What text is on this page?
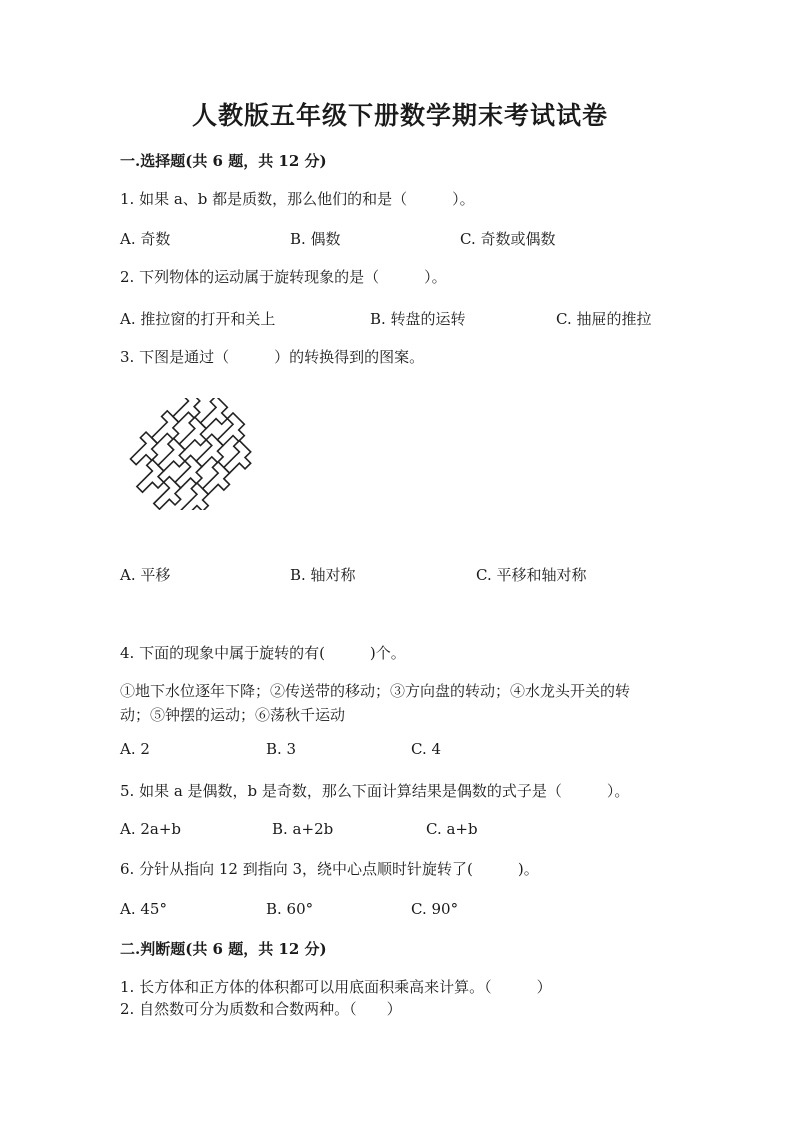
人教版五年级下册数学期末考试试卷
一.选择题(共 6 题，共 12 分)
1. 如果 a、b 都是质数，那么他们的和是（　　　）。
A. 奇数	B. 偶数	C. 奇数或偶数
2. 下列物体的运动属于旋转现象的是（　　　）。
A. 推拉窗的打开和关上	B. 转盘的运转	C. 抽屉的推拉
3. 下图是通过（　　　）的转换得到的图案。
A. 平移	B. 轴对称	C. 平移和轴对称
4. 下面的现象中属于旋转的有(　　　)个。
①地下水位逐年下降；②传送带的移动；③方向盘的转动；④水龙头开关的转
动；⑤钟摆的运动；⑥荡秋千运动
A. 2	B. 3	C. 4
5. 如果 a 是偶数，b 是奇数，那么下面计算结果是偶数的式子是（　　　）。
A. 2a+b	B. a+2b	C. a+b
6. 分针从指向 12 到指向 3，绕中心点顺时针旋转了(　　　)。
A. 45°	B. 60°	C. 90°
二.判断题(共 6 题，共 12 分)
1. 长方体和正方体的体积都可以用底面积乘高来计算。（　　　）
2. 自然数可分为质数和合数两种。（　　）
